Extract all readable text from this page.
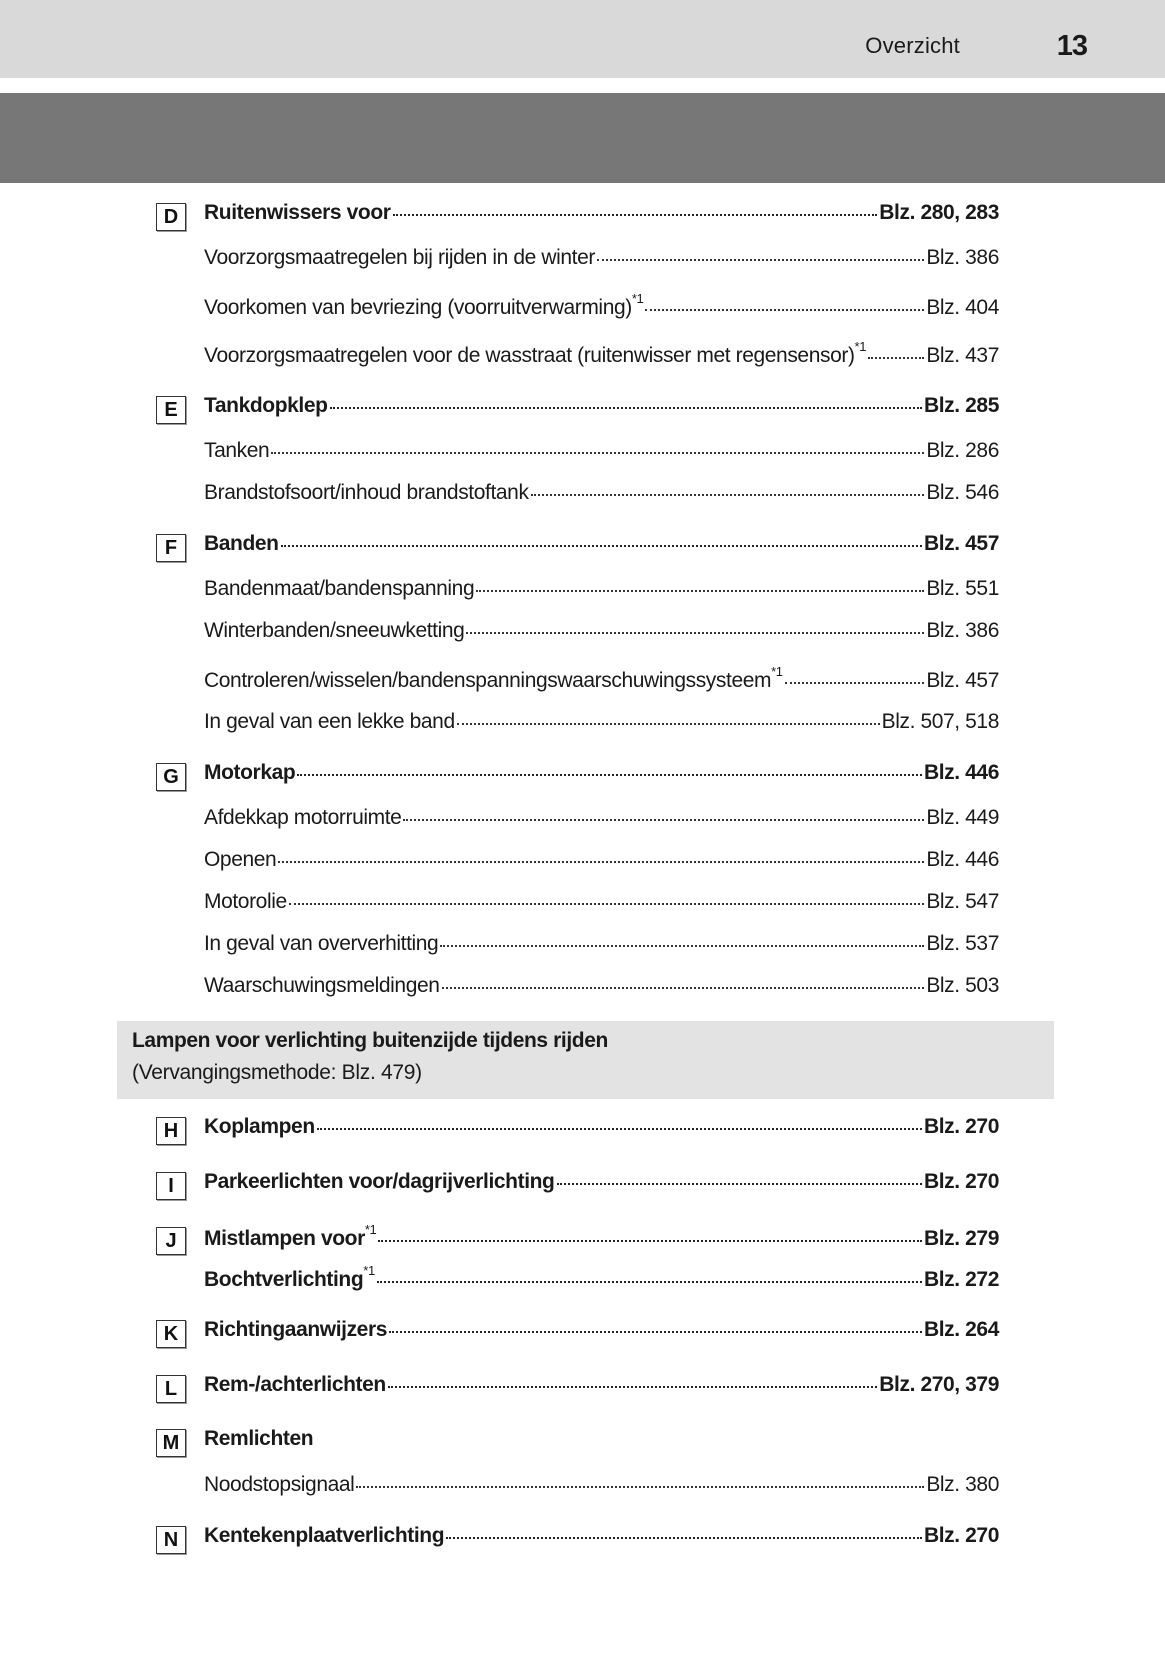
Overzicht	13
D	Ruitenwissers voor	Blz. 280, 283
Voorzorgsmaatregelen bij rijden in de winter	Blz. 386
Voorkomen van bevriezing (voorruitverwarming)$^{*1}$	Blz. 404
Voorzorgsmaatregelen voor de wasstraat (ruitenwisser met regensensor)$^{*1}$	Blz. 437
E	Tankdopklep	Blz. 285
Tanken	Blz. 286
Brandstofsoort/inhoud brandstoftank	Blz. 546
F	Banden	Blz. 457
Bandenmaat/bandenspanning	Blz. 551
Winterbanden/sneeuwketting	Blz. 386
Controleren/wisselen/bandenspanningswaarschuwingssysteem$^{*1}$	Blz. 457
In geval van een lekke band	Blz. 507, 518
G	Motorkap	Blz. 446
Afdekkap motorruimte	Blz. 449
Openen	Blz. 446
Motorolie	Blz. 547
In geval van oververhitting	Blz. 537
Waarschuwingsmeldingen	Blz. 503
Lampen voor verlichting buitenzijde tijdens rijden
(Vervangingsmethode: Blz. 479)
H	Koplampen	Blz. 270
I	Parkeerlichten voor/dagrijverlichting	Blz. 270
J	Mistlampen voor$^{*1}$	Blz. 279
Bochtverlichting$^{*1}$	Blz. 272
K	Richtingaanwijzers	Blz. 264
L	Rem-/achterlichten	Blz. 270, 379
M	Remlichten
Noodstopsignaal	Blz. 380
N	Kentekenplaatverlichting	Blz. 270
